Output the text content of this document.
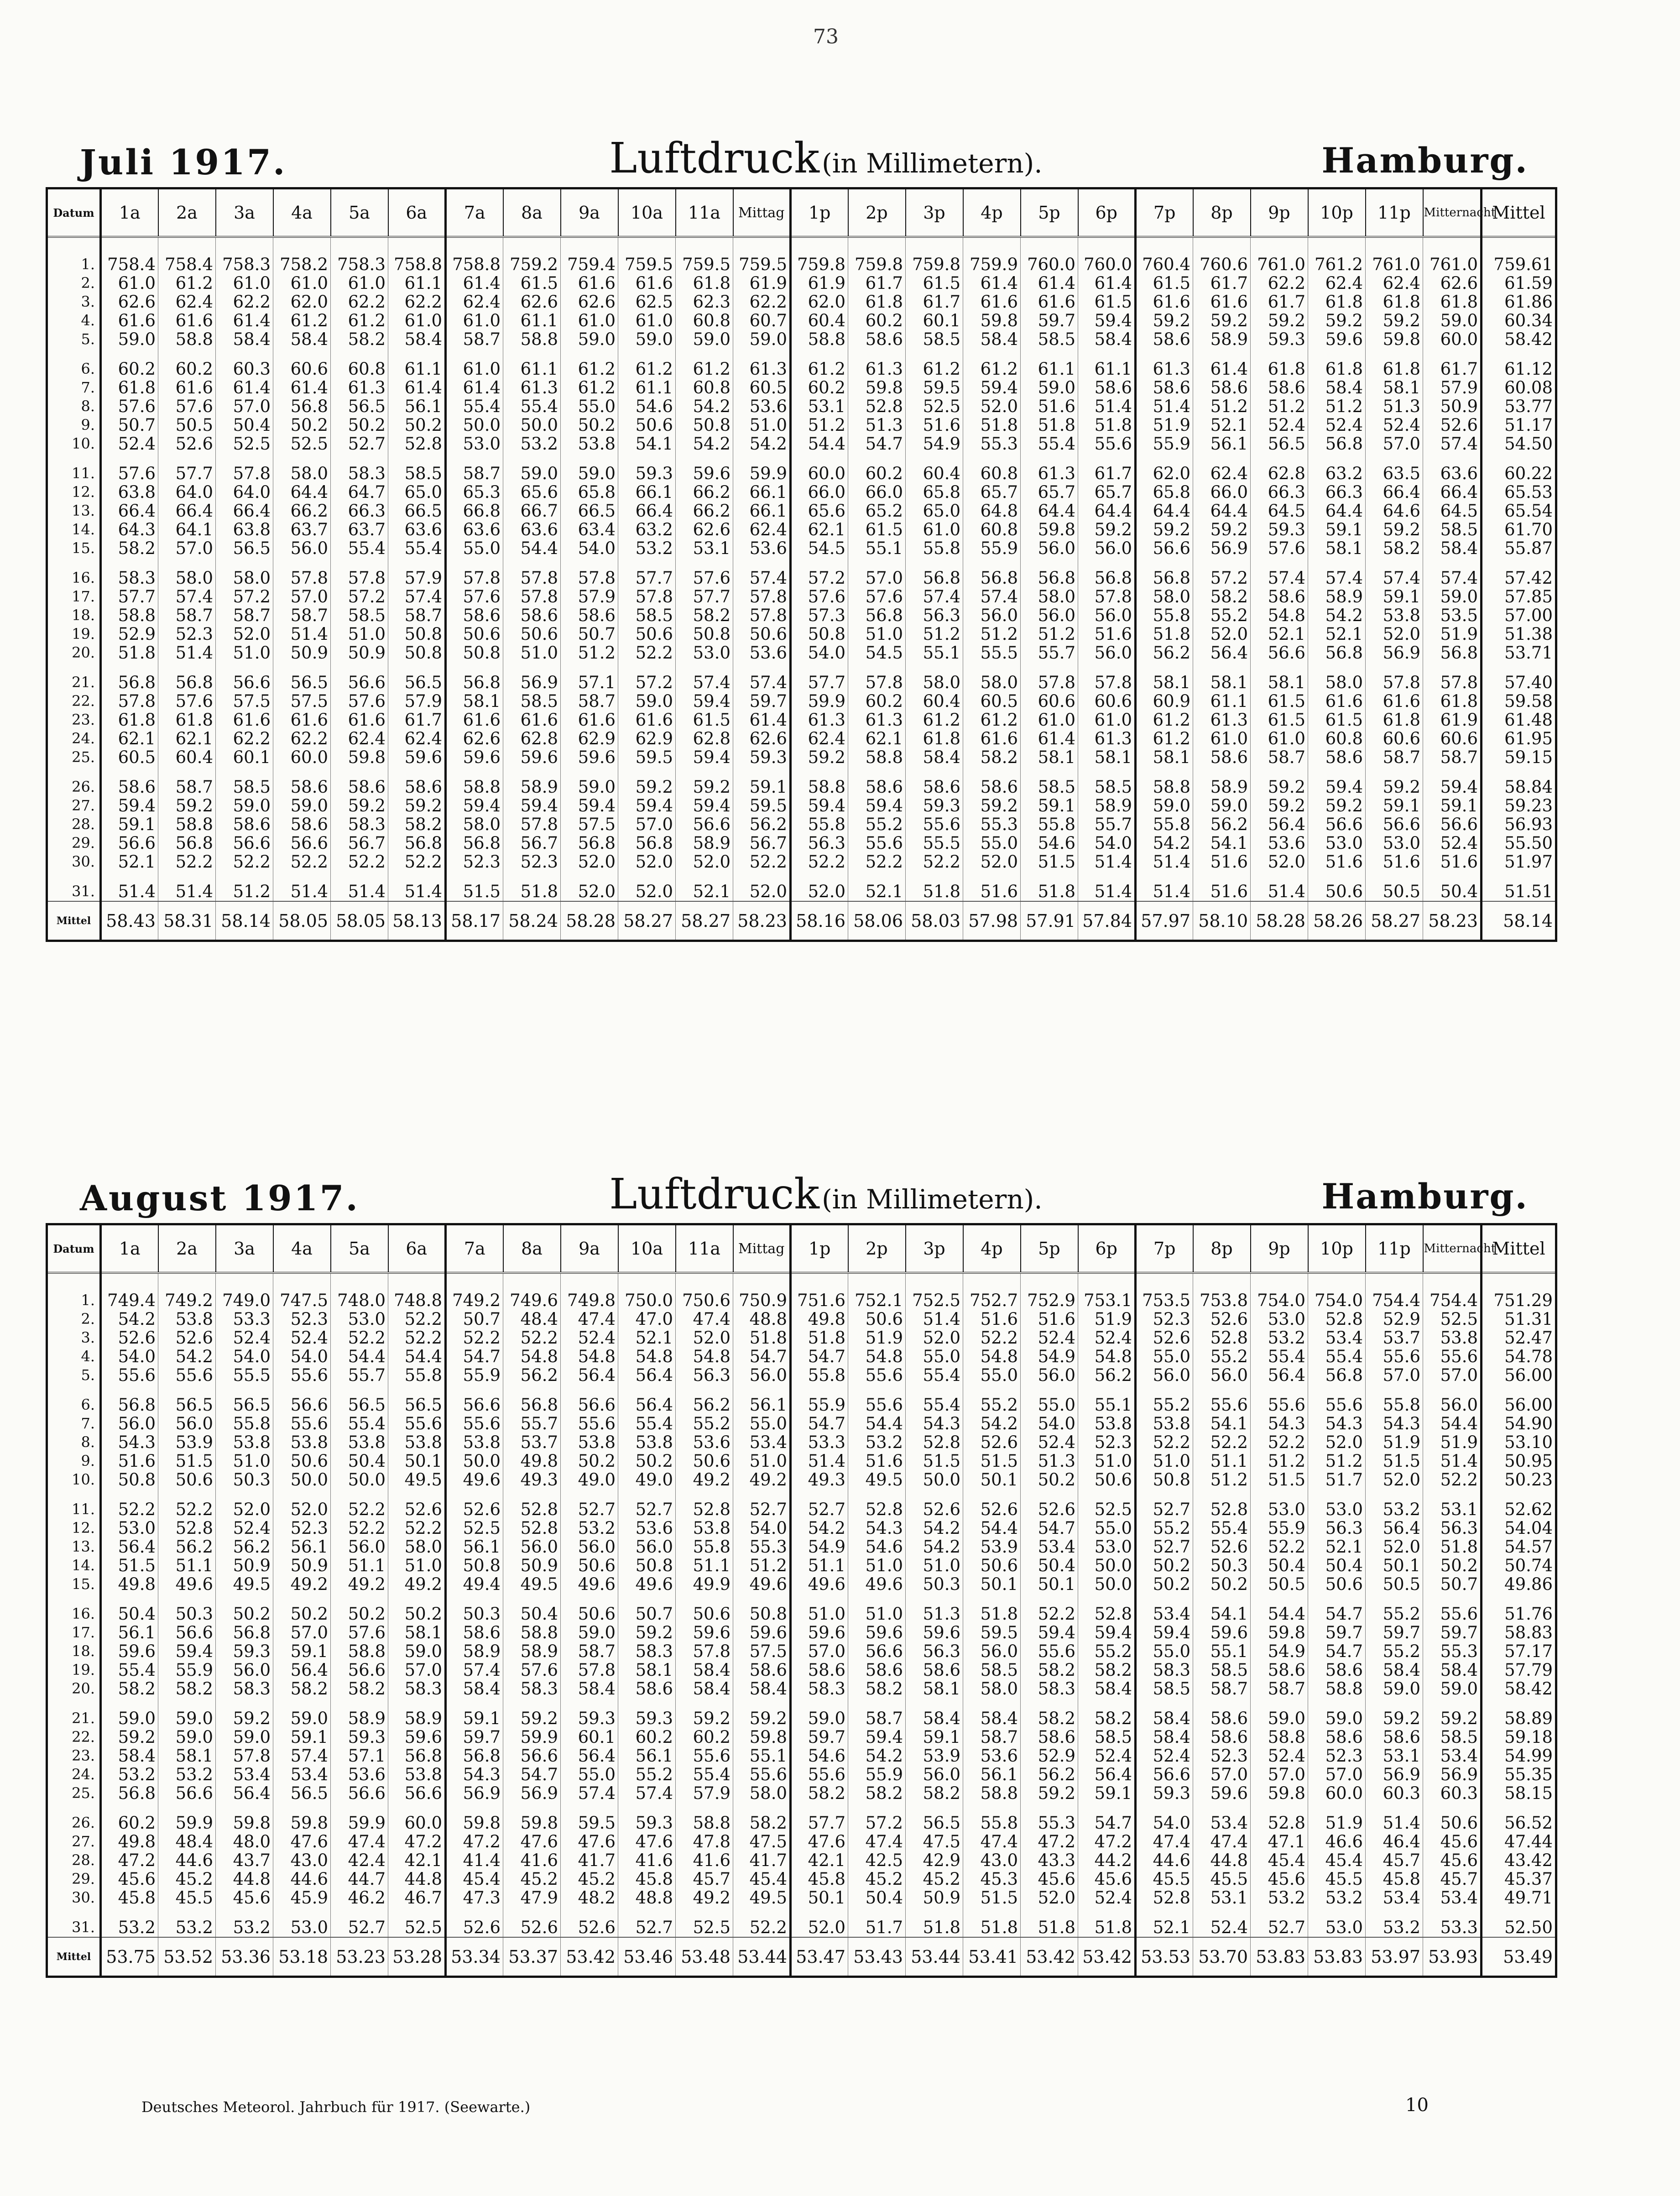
73
Juli 1917.	Luftdruck (in Millimetern).	Hamburg.
Datum	1a	2a	3a	4a	5a	6a	7a	8a	9a	10a	11a	Mittag	1p	2p	3p	4p	5p	6p	7p	8p	9p	10p	11p	Mitternacht	Mittel

1.	758.4	758.4	758.3	758.2	758.3	758.8	758.8	759.2	759.4	759.5	759.5	759.5	759.8	759.8	759.8	759.9	760.0	760.0	760.4	760.6	761.0	761.2	761.0	761.0	759.61
2.	61.0	61.2	61.0	61.0	61.0	61.1	61.4	61.5	61.6	61.6	61.8	61.9	61.9	61.7	61.5	61.4	61.4	61.4	61.5	61.7	62.2	62.4	62.4	62.6	61.59
3.	62.6	62.4	62.2	62.0	62.2	62.2	62.4	62.6	62.6	62.5	62.3	62.2	62.0	61.8	61.7	61.6	61.6	61.5	61.6	61.6	61.7	61.8	61.8	61.8	61.86
4.	61.6	61.6	61.4	61.2	61.2	61.0	61.0	61.1	61.0	61.0	60.8	60.7	60.4	60.2	60.1	59.8	59.7	59.4	59.2	59.2	59.2	59.2	59.2	59.0	60.34
5.	59.0	58.8	58.4	58.4	58.2	58.4	58.7	58.8	59.0	59.0	59.0	59.0	58.8	58.6	58.5	58.4	58.5	58.4	58.6	58.9	59.3	59.6	59.8	60.0	58.42
6.	60.2	60.2	60.3	60.6	60.8	61.1	61.0	61.1	61.2	61.2	61.2	61.3	61.2	61.3	61.2	61.2	61.1	61.1	61.3	61.4	61.8	61.8	61.8	61.7	61.12
7.	61.8	61.6	61.4	61.4	61.3	61.4	61.4	61.3	61.2	61.1	60.8	60.5	60.2	59.8	59.5	59.4	59.0	58.6	58.6	58.6	58.6	58.4	58.1	57.9	60.08
8.	57.6	57.6	57.0	56.8	56.5	56.1	55.4	55.4	55.0	54.6	54.2	53.6	53.1	52.8	52.5	52.0	51.6	51.4	51.4	51.2	51.2	51.2	51.3	50.9	53.77
9.	50.7	50.5	50.4	50.2	50.2	50.2	50.0	50.0	50.2	50.6	50.8	51.0	51.2	51.3	51.6	51.8	51.8	51.8	51.9	52.1	52.4	52.4	52.4	52.6	51.17
10.	52.4	52.6	52.5	52.5	52.7	52.8	53.0	53.2	53.8	54.1	54.2	54.2	54.4	54.7	54.9	55.3	55.4	55.6	55.9	56.1	56.5	56.8	57.0	57.4	54.50
11.	57.6	57.7	57.8	58.0	58.3	58.5	58.7	59.0	59.0	59.3	59.6	59.9	60.0	60.2	60.4	60.8	61.3	61.7	62.0	62.4	62.8	63.2	63.5	63.6	60.22
12.	63.8	64.0	64.0	64.4	64.7	65.0	65.3	65.6	65.8	66.1	66.2	66.1	66.0	66.0	65.8	65.7	65.7	65.7	65.8	66.0	66.3	66.3	66.4	66.4	65.53
13.	66.4	66.4	66.4	66.2	66.3	66.5	66.8	66.7	66.5	66.4	66.2	66.1	65.6	65.2	65.0	64.8	64.4	64.4	64.4	64.4	64.5	64.4	64.6	64.5	65.54
14.	64.3	64.1	63.8	63.7	63.7	63.6	63.6	63.6	63.4	63.2	62.6	62.4	62.1	61.5	61.0	60.8	59.8	59.2	59.2	59.2	59.3	59.1	59.2	58.5	61.70
15.	58.2	57.0	56.5	56.0	55.4	55.4	55.0	54.4	54.0	53.2	53.1	53.6	54.5	55.1	55.8	55.9	56.0	56.0	56.6	56.9	57.6	58.1	58.2	58.4	55.87
16.	58.3	58.0	58.0	57.8	57.8	57.9	57.8	57.8	57.8	57.7	57.6	57.4	57.2	57.0	56.8	56.8	56.8	56.8	56.8	57.2	57.4	57.4	57.4	57.4	57.42
17.	57.7	57.4	57.2	57.0	57.2	57.4	57.6	57.8	57.9	57.8	57.7	57.8	57.6	57.6	57.4	57.4	58.0	57.8	58.0	58.2	58.6	58.9	59.1	59.0	57.85
18.	58.8	58.7	58.7	58.7	58.5	58.7	58.6	58.6	58.6	58.5	58.2	57.8	57.3	56.8	56.3	56.0	56.0	56.0	55.8	55.2	54.8	54.2	53.8	53.5	57.00
19.	52.9	52.3	52.0	51.4	51.0	50.8	50.6	50.6	50.7	50.6	50.8	50.6	50.8	51.0	51.2	51.2	51.2	51.6	51.8	52.0	52.1	52.1	52.0	51.9	51.38
20.	51.8	51.4	51.0	50.9	50.9	50.8	50.8	51.0	51.2	52.2	53.0	53.6	54.0	54.5	55.1	55.5	55.7	56.0	56.2	56.4	56.6	56.8	56.9	56.8	53.71
21.	56.8	56.8	56.6	56.5	56.6	56.5	56.8	56.9	57.1	57.2	57.4	57.4	57.7	57.8	58.0	58.0	57.8	57.8	58.1	58.1	58.1	58.0	57.8	57.8	57.40
22.	57.8	57.6	57.5	57.5	57.6	57.9	58.1	58.5	58.7	59.0	59.4	59.7	59.9	60.2	60.4	60.5	60.6	60.6	60.9	61.1	61.5	61.6	61.6	61.8	59.58
23.	61.8	61.8	61.6	61.6	61.6	61.7	61.6	61.6	61.6	61.6	61.5	61.4	61.3	61.3	61.2	61.2	61.0	61.0	61.2	61.3	61.5	61.5	61.8	61.9	61.48
24.	62.1	62.1	62.2	62.2	62.4	62.4	62.6	62.8	62.9	62.9	62.8	62.6	62.4	62.1	61.8	61.6	61.4	61.3	61.2	61.0	61.0	60.8	60.6	60.6	61.95
25.	60.5	60.4	60.1	60.0	59.8	59.6	59.6	59.6	59.6	59.5	59.4	59.3	59.2	58.8	58.4	58.2	58.1	58.1	58.1	58.6	58.7	58.6	58.7	58.7	59.15
26.	58.6	58.7	58.5	58.6	58.6	58.6	58.8	58.9	59.0	59.2	59.2	59.1	58.8	58.6	58.6	58.6	58.5	58.5	58.8	58.9	59.2	59.4	59.2	59.4	58.84
27.	59.4	59.2	59.0	59.0	59.2	59.2	59.4	59.4	59.4	59.4	59.4	59.5	59.4	59.4	59.3	59.2	59.1	58.9	59.0	59.0	59.2	59.2	59.1	59.1	59.23
28.	59.1	58.8	58.6	58.6	58.3	58.2	58.0	57.8	57.5	57.0	56.6	56.2	55.8	55.2	55.6	55.3	55.8	55.7	55.8	56.2	56.4	56.6	56.6	56.6	56.93
29.	56.6	56.8	56.6	56.6	56.7	56.8	56.8	56.7	56.8	56.8	58.9	56.7	56.3	55.6	55.5	55.0	54.6	54.0	54.2	54.1	53.6	53.0	53.0	52.4	55.50
30.	52.1	52.2	52.2	52.2	52.2	52.2	52.3	52.3	52.0	52.0	52.0	52.2	52.2	52.2	52.2	52.0	51.5	51.4	51.4	51.6	52.0	51.6	51.6	51.6	51.97
31.	51.4	51.4	51.2	51.4	51.4	51.4	51.5	51.8	52.0	52.0	52.1	52.0	52.0	52.1	51.8	51.6	51.8	51.4	51.4	51.6	51.4	50.6	50.5	50.4	51.51
Mittel	58.43	58.31	58.14	58.05	58.05	58.13	58.17	58.24	58.28	58.27	58.27	58.23	58.16	58.06	58.03	57.98	57.91	57.84	57.97	58.10	58.28	58.26	58.27	58.23	58.14
August 1917.	Luftdruck (in Millimetern).	Hamburg.
Datum	1a	2a	3a	4a	5a	6a	7a	8a	9a	10a	11a	Mittag	1p	2p	3p	4p	5p	6p	7p	8p	9p	10p	11p	Mitternacht	Mittel

1.	749.4	749.2	749.0	747.5	748.0	748.8	749.2	749.6	749.8	750.0	750.6	750.9	751.6	752.1	752.5	752.7	752.9	753.1	753.5	753.8	754.0	754.0	754.4	754.4	751.29
2.	54.2	53.8	53.3	52.3	53.0	52.2	50.7	48.4	47.4	47.0	47.4	48.8	49.8	50.6	51.4	51.6	51.6	51.9	52.3	52.6	53.0	52.8	52.9	52.5	51.31
3.	52.6	52.6	52.4	52.4	52.2	52.2	52.2	52.2	52.4	52.1	52.0	51.8	51.8	51.9	52.0	52.2	52.4	52.4	52.6	52.8	53.2	53.4	53.7	53.8	52.47
4.	54.0	54.2	54.0	54.0	54.4	54.4	54.7	54.8	54.8	54.8	54.8	54.7	54.7	54.8	55.0	54.8	54.9	54.8	55.0	55.2	55.4	55.4	55.6	55.6	54.78
5.	55.6	55.6	55.5	55.6	55.7	55.8	55.9	56.2	56.4	56.4	56.3	56.0	55.8	55.6	55.4	55.0	56.0	56.2	56.0	56.0	56.4	56.8	57.0	57.0	56.00
6.	56.8	56.5	56.5	56.6	56.5	56.5	56.6	56.8	56.6	56.4	56.2	56.1	55.9	55.6	55.4	55.2	55.0	55.1	55.2	55.6	55.6	55.6	55.8	56.0	56.00
7.	56.0	56.0	55.8	55.6	55.4	55.6	55.6	55.7	55.6	55.4	55.2	55.0	54.7	54.4	54.3	54.2	54.0	53.8	53.8	54.1	54.3	54.3	54.3	54.4	54.90
8.	54.3	53.9	53.8	53.8	53.8	53.8	53.8	53.7	53.8	53.8	53.6	53.4	53.3	53.2	52.8	52.6	52.4	52.3	52.2	52.2	52.2	52.0	51.9	51.9	53.10
9.	51.6	51.5	51.0	50.6	50.4	50.1	50.0	49.8	50.2	50.2	50.6	51.0	51.4	51.6	51.5	51.5	51.3	51.0	51.0	51.1	51.2	51.2	51.5	51.4	50.95
10.	50.8	50.6	50.3	50.0	50.0	49.5	49.6	49.3	49.0	49.0	49.2	49.2	49.3	49.5	50.0	50.1	50.2	50.6	50.8	51.2	51.5	51.7	52.0	52.2	50.23
11.	52.2	52.2	52.0	52.0	52.2	52.6	52.6	52.8	52.7	52.7	52.8	52.7	52.7	52.8	52.6	52.6	52.6	52.5	52.7	52.8	53.0	53.0	53.2	53.1	52.62
12.	53.0	52.8	52.4	52.3	52.2	52.2	52.5	52.8	53.2	53.6	53.8	54.0	54.2	54.3	54.2	54.4	54.7	55.0	55.2	55.4	55.9	56.3	56.4	56.3	54.04
13.	56.4	56.2	56.2	56.1	56.0	58.0	56.1	56.0	56.0	56.0	55.8	55.3	54.9	54.6	54.2	53.9	53.4	53.0	52.7	52.6	52.2	52.1	52.0	51.8	54.57
14.	51.5	51.1	50.9	50.9	51.1	51.0	50.8	50.9	50.6	50.8	51.1	51.2	51.1	51.0	51.0	50.6	50.4	50.0	50.2	50.3	50.4	50.4	50.1	50.2	50.74
15.	49.8	49.6	49.5	49.2	49.2	49.2	49.4	49.5	49.6	49.6	49.9	49.6	49.6	49.6	50.3	50.1	50.1	50.0	50.2	50.2	50.5	50.6	50.5	50.7	49.86
16.	50.4	50.3	50.2	50.2	50.2	50.2	50.3	50.4	50.6	50.7	50.6	50.8	51.0	51.0	51.3	51.8	52.2	52.8	53.4	54.1	54.4	54.7	55.2	55.6	51.76
17.	56.1	56.6	56.8	57.0	57.6	58.1	58.6	58.8	59.0	59.2	59.6	59.6	59.6	59.6	59.6	59.5	59.4	59.4	59.4	59.6	59.8	59.7	59.7	59.7	58.83
18.	59.6	59.4	59.3	59.1	58.8	59.0	58.9	58.9	58.7	58.3	57.8	57.5	57.0	56.6	56.3	56.0	55.6	55.2	55.0	55.1	54.9	54.7	55.2	55.3	57.17
19.	55.4	55.9	56.0	56.4	56.6	57.0	57.4	57.6	57.8	58.1	58.4	58.6	58.6	58.6	58.6	58.5	58.2	58.2	58.3	58.5	58.6	58.6	58.4	58.4	57.79
20.	58.2	58.2	58.3	58.2	58.2	58.3	58.4	58.3	58.4	58.6	58.4	58.4	58.3	58.2	58.1	58.0	58.3	58.4	58.5	58.7	58.7	58.8	59.0	59.0	58.42
21.	59.0	59.0	59.2	59.0	58.9	58.9	59.1	59.2	59.3	59.3	59.2	59.2	59.0	58.7	58.4	58.4	58.2	58.2	58.4	58.6	59.0	59.0	59.2	59.2	58.89
22.	59.2	59.0	59.0	59.1	59.3	59.6	59.7	59.9	60.1	60.2	60.2	59.8	59.7	59.4	59.1	58.7	58.6	58.5	58.4	58.6	58.8	58.6	58.6	58.5	59.18
23.	58.4	58.1	57.8	57.4	57.1	56.8	56.8	56.6	56.4	56.1	55.6	55.1	54.6	54.2	53.9	53.6	52.9	52.4	52.4	52.3	52.4	52.3	53.1	53.4	54.99
24.	53.2	53.2	53.4	53.4	53.6	53.8	54.3	54.7	55.0	55.2	55.4	55.6	55.6	55.9	56.0	56.1	56.2	56.4	56.6	57.0	57.0	57.0	56.9	56.9	55.35
25.	56.8	56.6	56.4	56.5	56.6	56.6	56.9	56.9	57.4	57.4	57.9	58.0	58.2	58.2	58.2	58.8	59.2	59.1	59.3	59.6	59.8	60.0	60.3	60.3	58.15
26.	60.2	59.9	59.8	59.8	59.9	60.0	59.8	59.8	59.5	59.3	58.8	58.2	57.7	57.2	56.5	55.8	55.3	54.7	54.0	53.4	52.8	51.9	51.4	50.6	56.52
27.	49.8	48.4	48.0	47.6	47.4	47.2	47.2	47.6	47.6	47.6	47.8	47.5	47.6	47.4	47.5	47.4	47.2	47.2	47.4	47.4	47.1	46.6	46.4	45.6	47.44
28.	47.2	44.6	43.7	43.0	42.4	42.1	41.4	41.6	41.7	41.6	41.6	41.7	42.1	42.5	42.9	43.0	43.3	44.2	44.6	44.8	45.4	45.4	45.7	45.6	43.42
29.	45.6	45.2	44.8	44.6	44.7	44.8	45.4	45.2	45.2	45.8	45.7	45.4	45.8	45.2	45.2	45.3	45.6	45.6	45.5	45.5	45.6	45.5	45.8	45.7	45.37
30.	45.8	45.5	45.6	45.9	46.2	46.7	47.3	47.9	48.2	48.8	49.2	49.5	50.1	50.4	50.9	51.5	52.0	52.4	52.8	53.1	53.2	53.2	53.4	53.4	49.71
31.	53.2	53.2	53.2	53.0	52.7	52.5	52.6	52.6	52.6	52.7	52.5	52.2	52.0	51.7	51.8	51.8	51.8	51.8	52.1	52.4	52.7	53.0	53.2	53.3	52.50
Mittel	53.75	53.52	53.36	53.18	53.23	53.28	53.34	53.37	53.42	53.46	53.48	53.44	53.47	53.43	53.44	53.41	53.42	53.42	53.53	53.70	53.83	53.83	53.97	53.93	53.49
Deutsches Meteorol. Jahrbuch für 1917. (Seewarte.)	10
